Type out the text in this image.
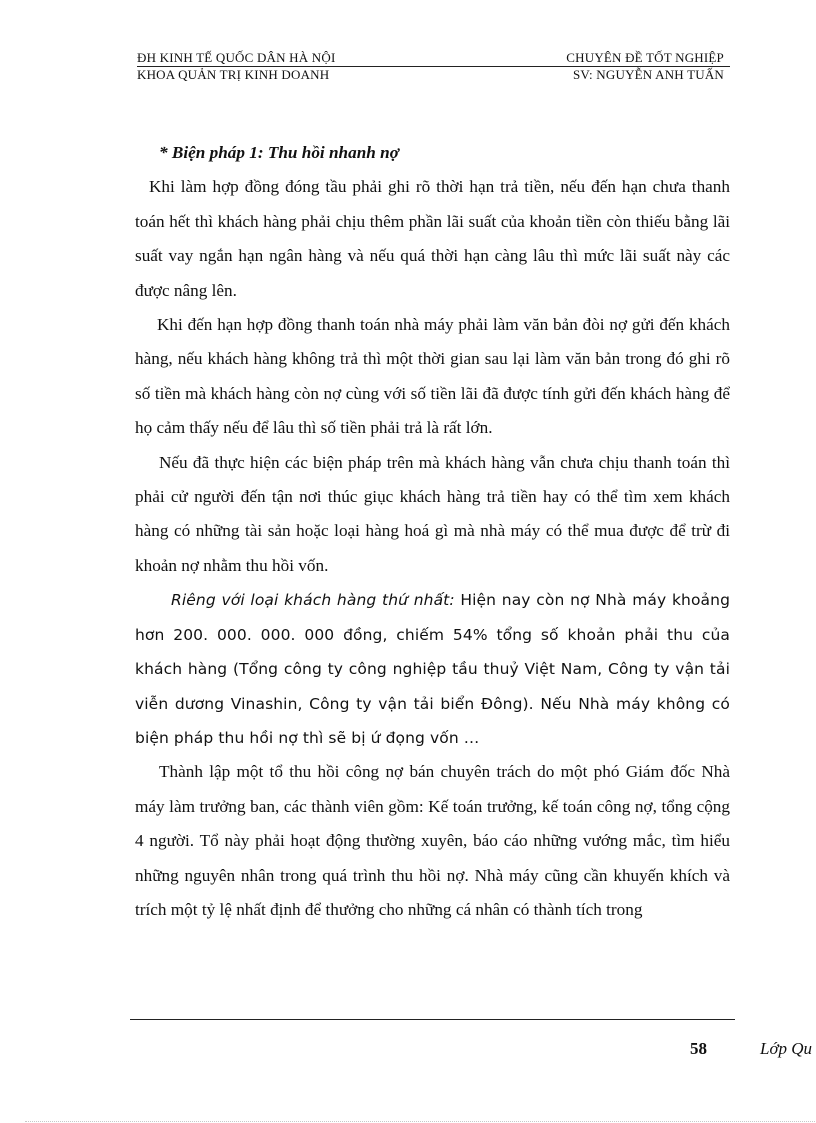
ĐH KINH TẾ QUỐC DÂN HÀ NỘI	CHUYÊN ĐỀ TỐT NGHIỆP
KHOA QUẢN TRỊ KINH DOANH	SV: NGUYỄN ANH TUẤN

* Biện pháp 1: Thu hồi nhanh nợ

Khi làm hợp đồng đóng tầu phải ghi rõ thời hạn trả tiền, nếu đến hạn chưa thanh toán hết thì khách hàng phải chịu thêm phần lãi suất của khoản tiền còn thiếu bằng lãi suất vay ngắn hạn ngân hàng và nếu quá thời hạn càng lâu thì mức lãi suất này các được nâng lên.

Khi đến hạn hợp đồng thanh toán nhà máy phải làm văn bản đòi nợ gửi đến khách hàng, nếu khách hàng không trả thì một thời gian sau lại làm văn bản trong đó ghi rõ số tiền mà khách hàng còn nợ cùng với số tiền lãi đã được tính gửi đến khách hàng để họ cảm thấy nếu để lâu thì số tiền phải trả là rất lớn.

Nếu đã thực hiện các biện pháp trên mà khách hàng vẫn chưa chịu thanh toán thì phải cử người đến tận nơi thúc giục khách hàng trả tiền hay có thể tìm xem khách hàng có những tài sản hoặc loại hàng hoá gì mà nhà máy có thể mua được để trừ đi khoản nợ nhằm thu hồi vốn.

Riêng với loại khách hàng thứ nhất: Hiện nay còn nợ Nhà máy khoảng hơn 200. 000. 000. 000 đồng, chiếm 54% tổng số khoản phải thu của khách hàng (Tổng công ty công nghiệp tầu thuỷ Việt Nam, Công ty vận tải viễn dương Vinashin, Công ty vận tải biển Đông). Nếu Nhà máy không có biện pháp thu hồi nợ thì sẽ bị ứ đọng vốn …

Thành lập một tổ thu hồi công nợ bán chuyên trách do một phó Giám đốc Nhà máy làm trưởng ban, các thành viên gồm: Kế toán trưởng, kế toán công nợ, tổng cộng 4 người. Tổ này phải hoạt động thường xuyên, báo cáo những vướng mắc, tìm hiểu những nguyên nhân trong quá trình thu hồi nợ. Nhà máy cũng cần khuyến khích và trích một tỷ lệ nhất định để thưởng cho những cá nhân có thành tích trong

58	Lớp Qu
